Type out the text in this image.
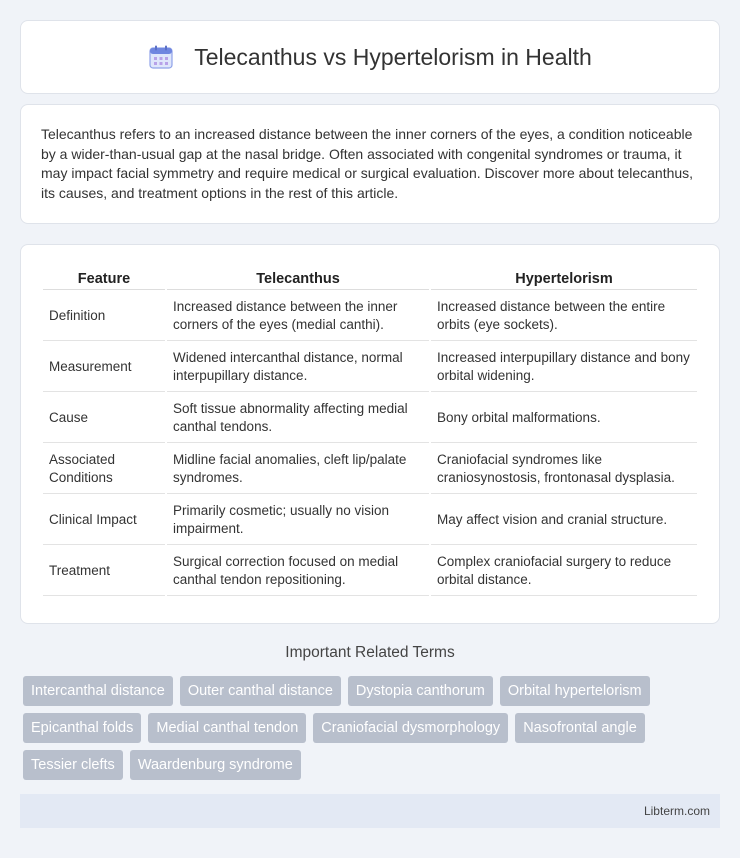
Telecanthus vs Hypertelorism in Health

Telecanthus refers to an increased distance between the inner corners of the eyes, a condition noticeable by a wider-than-usual gap at the nasal bridge. Often associated with congenital syndromes or trauma, it may impact facial symmetry and require medical or surgical evaluation. Discover more about telecanthus, its causes, and treatment options in the rest of this article.

Feature	Telecanthus	Hypertelorism
Definition	Increased distance between the inner corners of the eyes (medial canthi).	Increased distance between the entire orbits (eye sockets).
Measurement	Widened intercanthal distance, normal interpupillary distance.	Increased interpupillary distance and bony orbital widening.
Cause	Soft tissue abnormality affecting medial canthal tendons.	Bony orbital malformations.
Associated Conditions	Midline facial anomalies, cleft lip/palate syndromes.	Craniofacial syndromes like craniosynostosis, frontonasal dysplasia.
Clinical Impact	Primarily cosmetic; usually no vision impairment.	May affect vision and cranial structure.
Treatment	Surgical correction focused on medial canthal tendon repositioning.	Complex craniofacial surgery to reduce orbital distance.
Important Related Terms
Intercanthal distance	Outer canthal distance	Dystopia canthorum	Orbital hypertelorism
Epicanthal folds	Medial canthal tendon	Craniofacial dysmorphology	Nasofrontal angle
Tessier clefts	Waardenburg syndrome
Libterm.com
